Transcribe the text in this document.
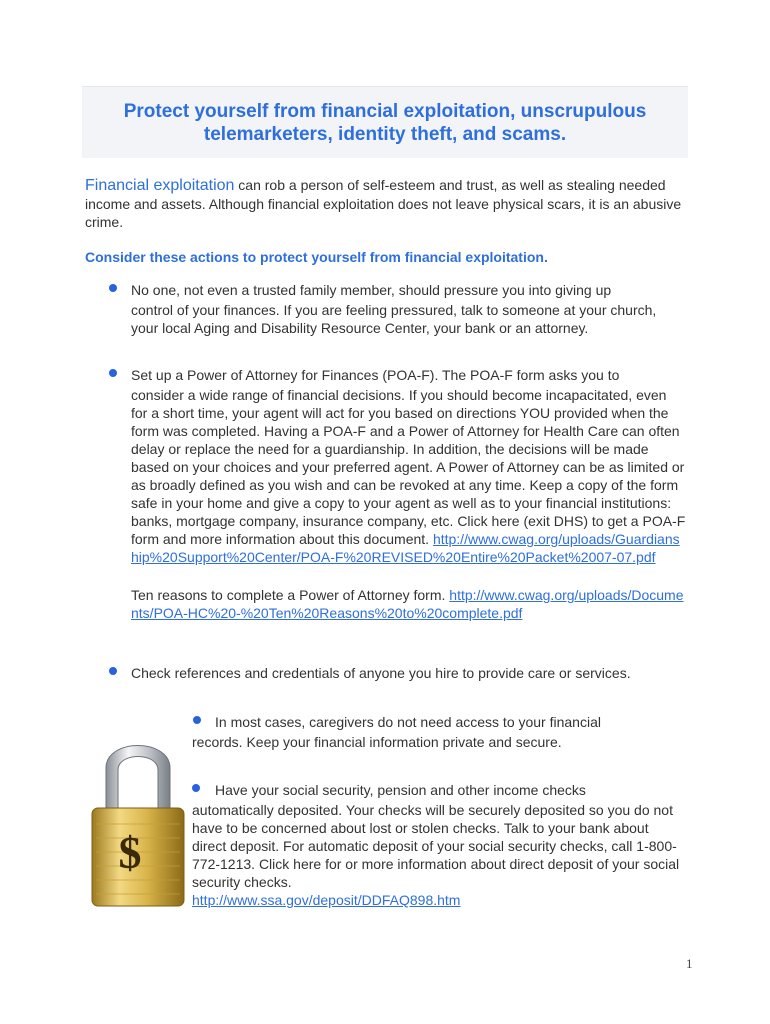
Protect yourself from financial exploitation, unscrupulous
telemarketers, identity theft, and scams.
Financial exploitation can rob a person of self-esteem and trust, as well as stealing needed income and assets. Although financial exploitation does not leave physical scars, it is an abusive crime.
Consider these actions to protect yourself from financial exploitation.
No one, not even a trusted family member, should pressure you into giving up
control of your finances. If you are feeling pressured, talk to someone at your church, your local Aging and Disability Resource Center, your bank or an attorney.
Set up a Power of Attorney for Finances (POA-F). The POA-F form asks you to
consider a wide range of financial decisions. If you should become incapacitated, even for a short time, your agent will act for you based on directions YOU provided when the form was completed. Having a POA-F and a Power of Attorney for Health Care can often delay or replace the need for a guardianship. In addition, the decisions will be made based on your choices and your preferred agent. A Power of Attorney can be as limited or as broadly defined as you wish and can be revoked at any time. Keep a copy of the form safe in your home and give a copy to your agent as well as to your financial institutions: banks, mortgage company, insurance company, etc. Click here (exit DHS) to get a POA-F form and more information about this document. http://www.cwag.org/uploads/Guardianship%20Support%20Center/POA-F%20REVISED%20Entire%20Packet%2007-07.pdf
Ten reasons to complete a Power of Attorney form. http://www.cwag.org/uploads/Documents/POA-HC%20-%20Ten%20Reasons%20to%20complete.pdf
Check references and credentials of anyone you hire to provide care or services.
In most cases, caregivers do not need access to your financial
records. Keep your financial information private and secure.
Have your social security, pension and other income checks
automatically deposited. Your checks will be securely deposited so you do not have to be concerned about lost or stolen checks. Talk to your bank about direct deposit. For automatic deposit of your social security checks, call 1-800-772-1213. Click here for or more information about direct deposit of your social security checks.
http://www.ssa.gov/deposit/DDFAQ898.htm
$
1
